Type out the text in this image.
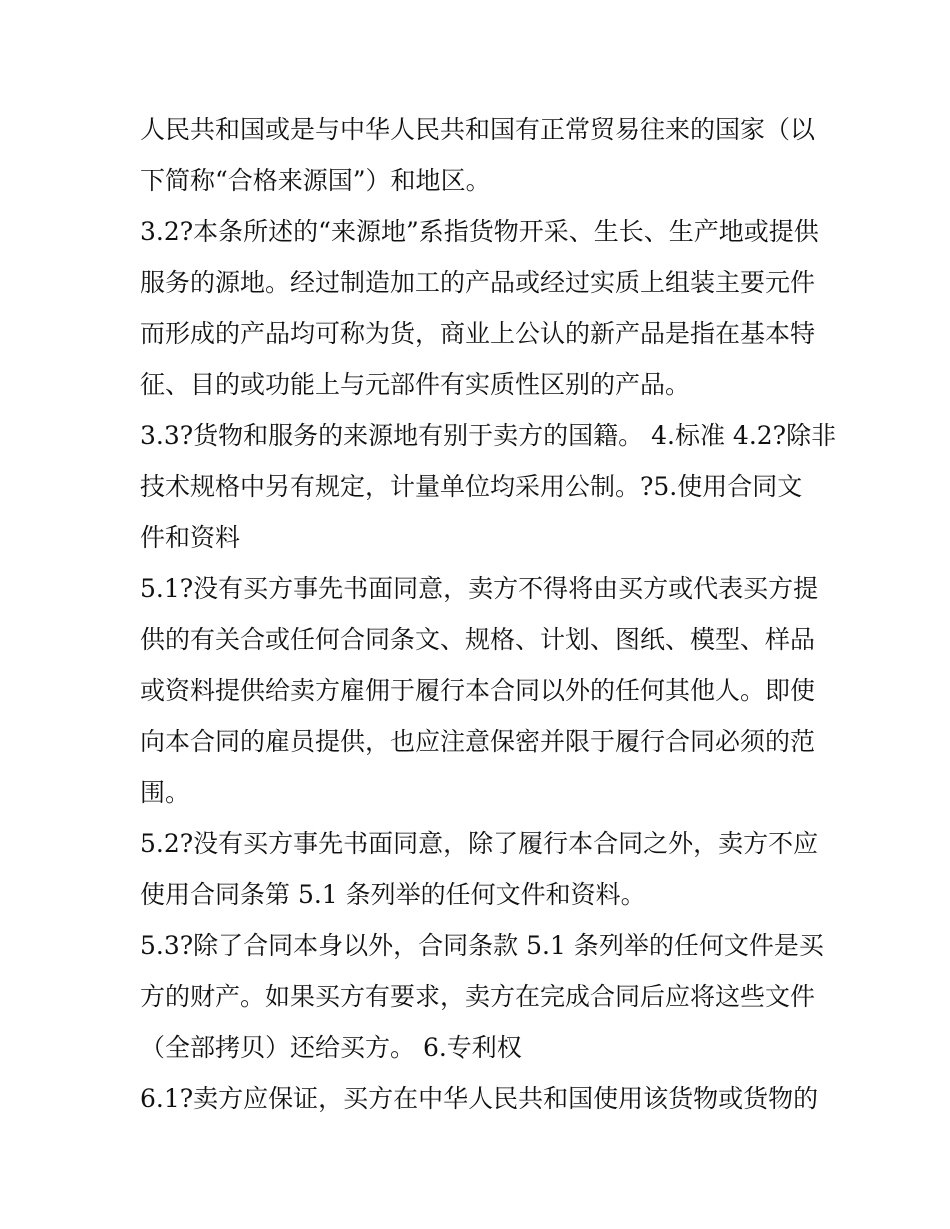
人民共和国或是与中华人民共和国有正常贸易往来的国家（以
下简称“合格来源国”）和地区。
3.2?本条所述的“来源地”系指货物开采、生长、生产地或提供
服务的源地。经过制造加工的产品或经过实质上组装主要元件
而形成的产品均可称为货，商业上公认的新产品是指在基本特
征、目的或功能上与元部件有实质性区别的产品。
3.3?货物和服务的来源地有别于卖方的国籍。 4.标准 4.2?除非
技术规格中另有规定，计量单位均采用公制。?5.使用合同文
件和资料
5.1?没有买方事先书面同意，卖方不得将由买方或代表买方提
供的有关合或任何合同条文、规格、计划、图纸、模型、样品
或资料提供给卖方雇佣于履行本合同以外的任何其他人。即使
向本合同的雇员提供，也应注意保密并限于履行合同必须的范
围。
5.2?没有买方事先书面同意，除了履行本合同之外，卖方不应
使用合同条第 5.1 条列举的任何文件和资料。
5.3?除了合同本身以外，合同条款 5.1 条列举的任何文件是买
方的财产。如果买方有要求，卖方在完成合同后应将这些文件
（全部拷贝）还给买方。 6.专利权
6.1?卖方应保证，买方在中华人民共和国使用该货物或货物的
